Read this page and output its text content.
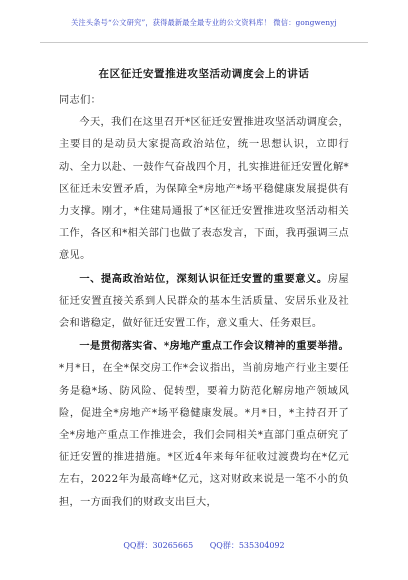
关注头条号“公文研究”，获得最新最全最专业的公文资料库！ 微信：gongwenyj
在区征迁安置推进攻坚活动调度会上的讲话

同志们：

今天，我们在这里召开*区征迁安置推进攻坚活动调度会，主要目的是动员大家提高政治站位，统一思想认识，立即行动、全力以赴、一鼓作气奋战四个月，扎实推进征迁安置化解*区征迁未安置矛盾，为保障全*房地产*场平稳健康发展提供有力支撑。刚才，*住建局通报了*区征迁安置推进攻坚活动相关工作，各区和*相关部门也做了表态发言，下面，我再强调三点意见。

一、提高政治站位，深刻认识征迁安置的重要意义。房屋征迁安置直接关系到人民群众的基本生活质量、安居乐业及社会和谐稳定，做好征迁安置工作，意义重大、任务艰巨。

一是贯彻落实省、*房地产重点工作会议精神的重要举措。*月*日，在全*保交房工作*会议指出，当前房地产行业主要任务是稳*场、防风险、促转型，要着力防范化解房地产领域风险，促进全*房地产*场平稳健康发展。*月*日，*主持召开了全*房地产重点工作推进会，我们会同相关*直部门重点研究了征迁安置的推进措施。*区近4年来每年征收过渡费均在*亿元左右，2022年为最高峰*亿元，这对财政来说是一笔不小的负担，一方面我们的财政支出巨大，

QQ群：30265665 QQ群：535304092
